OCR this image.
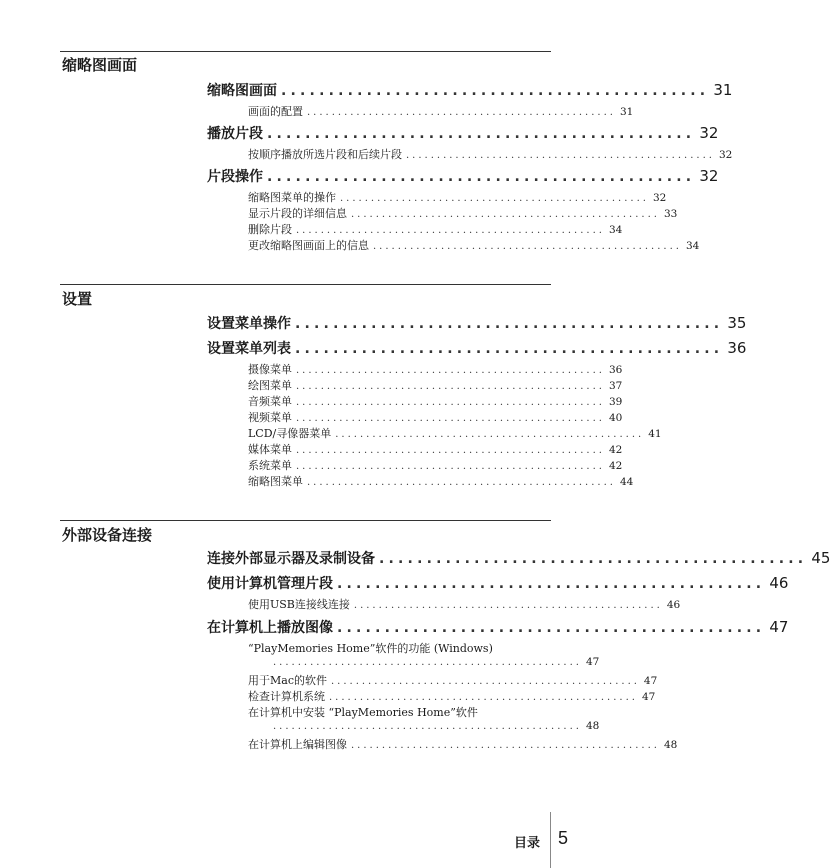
缩略图画面
缩略图画面 ............................................. 31
画面的配置 .................................................. 31
播放片段 ............................................. 32
按顺序播放所选片段和后续片段 .................................................. 32
片段操作 ............................................. 32
缩略图菜单的操作 .................................................. 32
显示片段的详细信息 .................................................. 33
删除片段 .................................................. 34
更改缩略图画面上的信息 .................................................. 34
设置
设置菜单操作 ............................................. 35
设置菜单列表 ............................................. 36
摄像菜单 .................................................. 36
绘图菜单 .................................................. 37
音频菜单 .................................................. 39
视频菜单 .................................................. 40
LCD/寻像器菜单 .................................................. 41
媒体菜单 .................................................. 42
系统菜单 .................................................. 42
缩略图菜单 .................................................. 44
外部设备连接
连接外部显示器及录制设备 ............................................. 45
使用计算机管理片段 ............................................. 46
使用USB连接线连接 .................................................. 46
在计算机上播放图像 ............................................. 47
“PlayMemories Home”软件的功能 (Windows)
.................................................. 47
用于Mac的软件 .................................................. 47
检查计算机系统 .................................................. 47
在计算机中安装 “PlayMemories Home”软件
.................................................. 48
在计算机上编辑图像 .................................................. 48
目录 5
